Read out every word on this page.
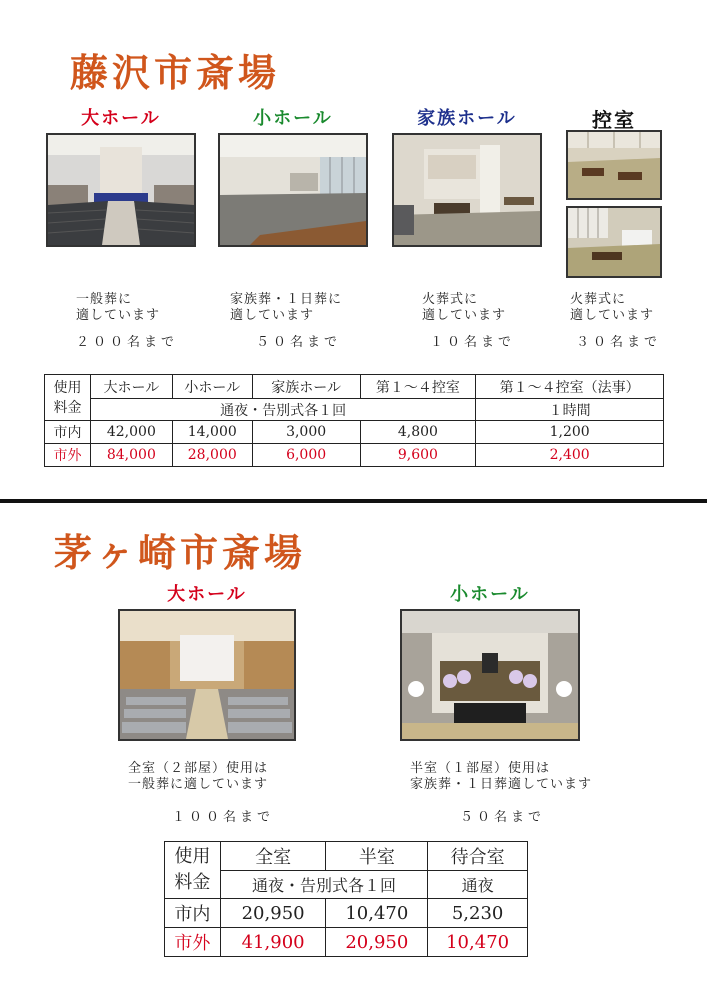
藤沢市斎場
大ホール	小ホール	家族ホール	控室
一般葬に
適しています
家族葬・１日葬に
適しています
火葬式に
適しています
火葬式に
適しています
２００名まで	５０名まで	１０名まで	３０名まで
使用
料金	大ホール	小ホール	家族ホール	第１～４控室	第１～４控室（法事）
	通夜・告別式各１回				１時間
市内	42,000	14,000	3,000	4,800	1,200
市外	84,000	28,000	6,000	9,600	2,400
茅ヶ崎市斎場
大ホール	小ホール
全室（２部屋）使用は
一般葬に適しています
半室（１部屋）使用は
家族葬・１日葬適しています
１００名まで	５０名まで
使用
料金	全室	半室	待合室
	通夜・告別式各１回		通夜
市内	20,950	10,470	5,230
市外	41,900	20,950	10,470
